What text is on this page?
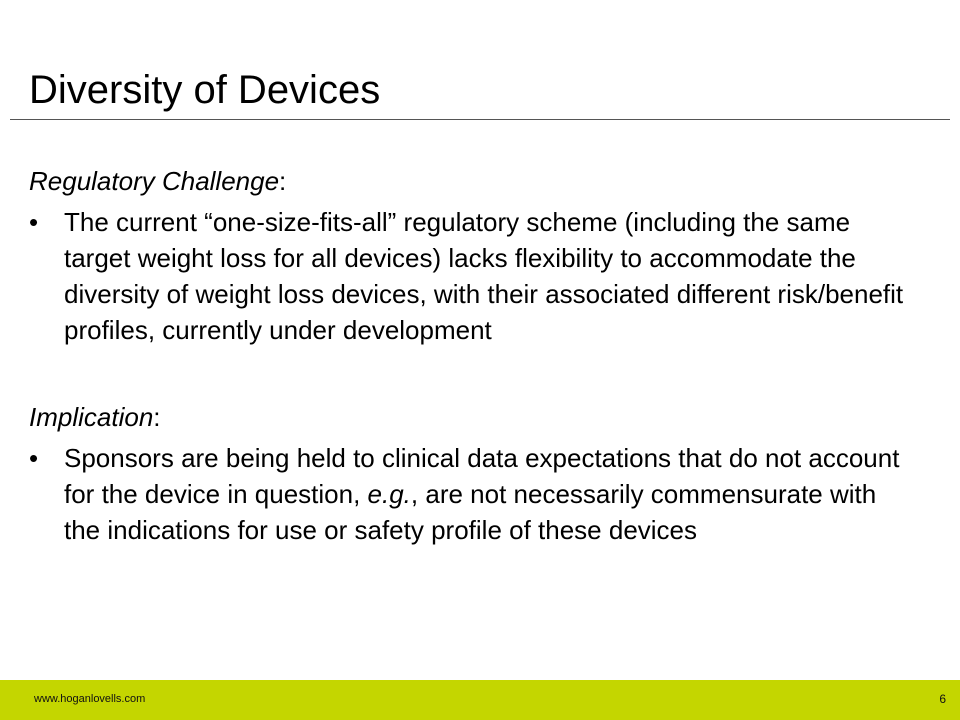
Diversity of Devices

Regulatory Challenge:

• The current “one-size-fits-all” regulatory scheme (including the same target weight loss for all devices) lacks flexibility to accommodate the diversity of weight loss devices, with their associated different risk/benefit profiles, currently under development

Implication:

• Sponsors are being held to clinical data expectations that do not account for the device in question, e.g., are not necessarily commensurate with the indications for use or safety profile of these devices
www.hoganlovells.com	6
